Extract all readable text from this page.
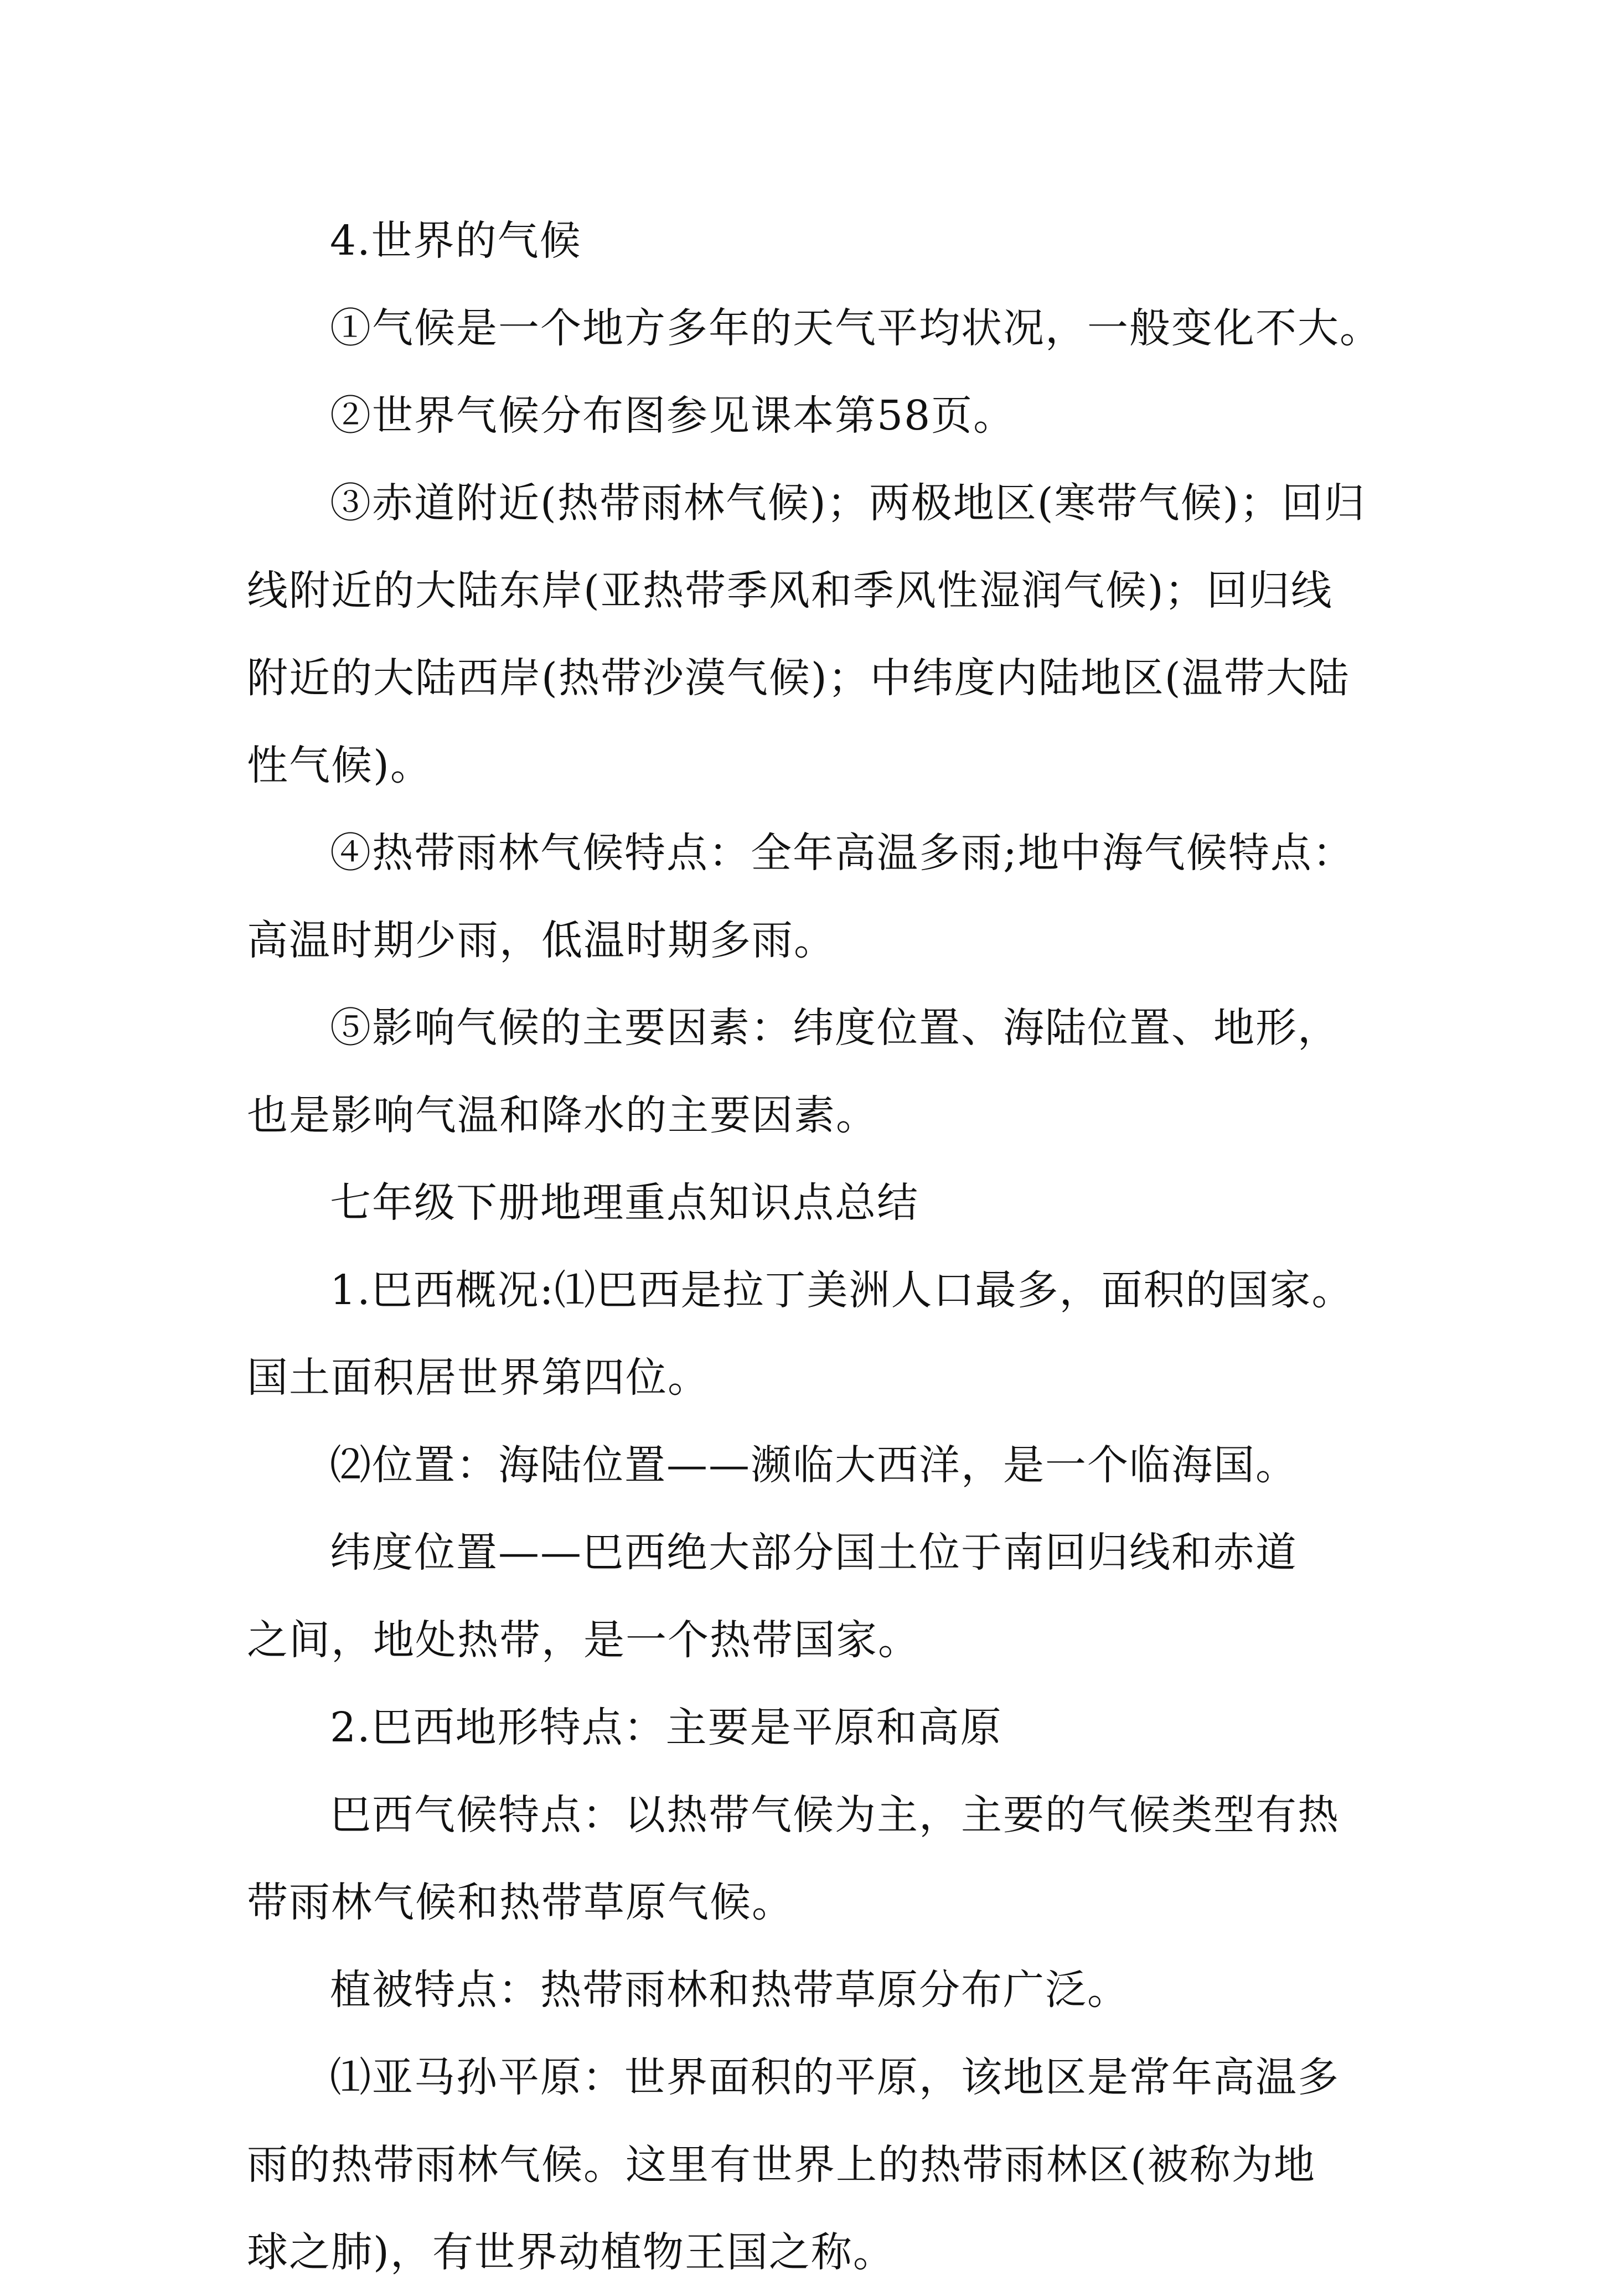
4.世界的气候
①气候是一个地方多年的天气平均状况，一般变化不大。
②世界气候分布图参见课本第58页。
③赤道附近(热带雨林气候)；两极地区(寒带气候)；回归
线附近的大陆东岸(亚热带季风和季风性湿润气候)；回归线
附近的大陆西岸(热带沙漠气候)；中纬度内陆地区(温带大陆
性气候)。
④热带雨林气候特点：全年高温多雨;地中海气候特点：
高温时期少雨，低温时期多雨。
⑤影响气候的主要因素：纬度位置、海陆位置、地形，
也是影响气温和降水的主要因素。
七年级下册地理重点知识点总结
1.巴西概况:⑴巴西是拉丁美洲人口最多，面积的国家。
国土面积居世界第四位。
⑵位置：海陆位置——濒临大西洋，是一个临海国。
纬度位置——巴西绝大部分国土位于南回归线和赤道
之间，地处热带，是一个热带国家。
2.巴西地形特点：主要是平原和高原
巴西气候特点：以热带气候为主，主要的气候类型有热
带雨林气候和热带草原气候。
植被特点：热带雨林和热带草原分布广泛。
⑴亚马孙平原：世界面积的平原，该地区是常年高温多
雨的热带雨林气候。这里有世界上的热带雨林区(被称为地
球之肺)，有世界动植物王国之称。
